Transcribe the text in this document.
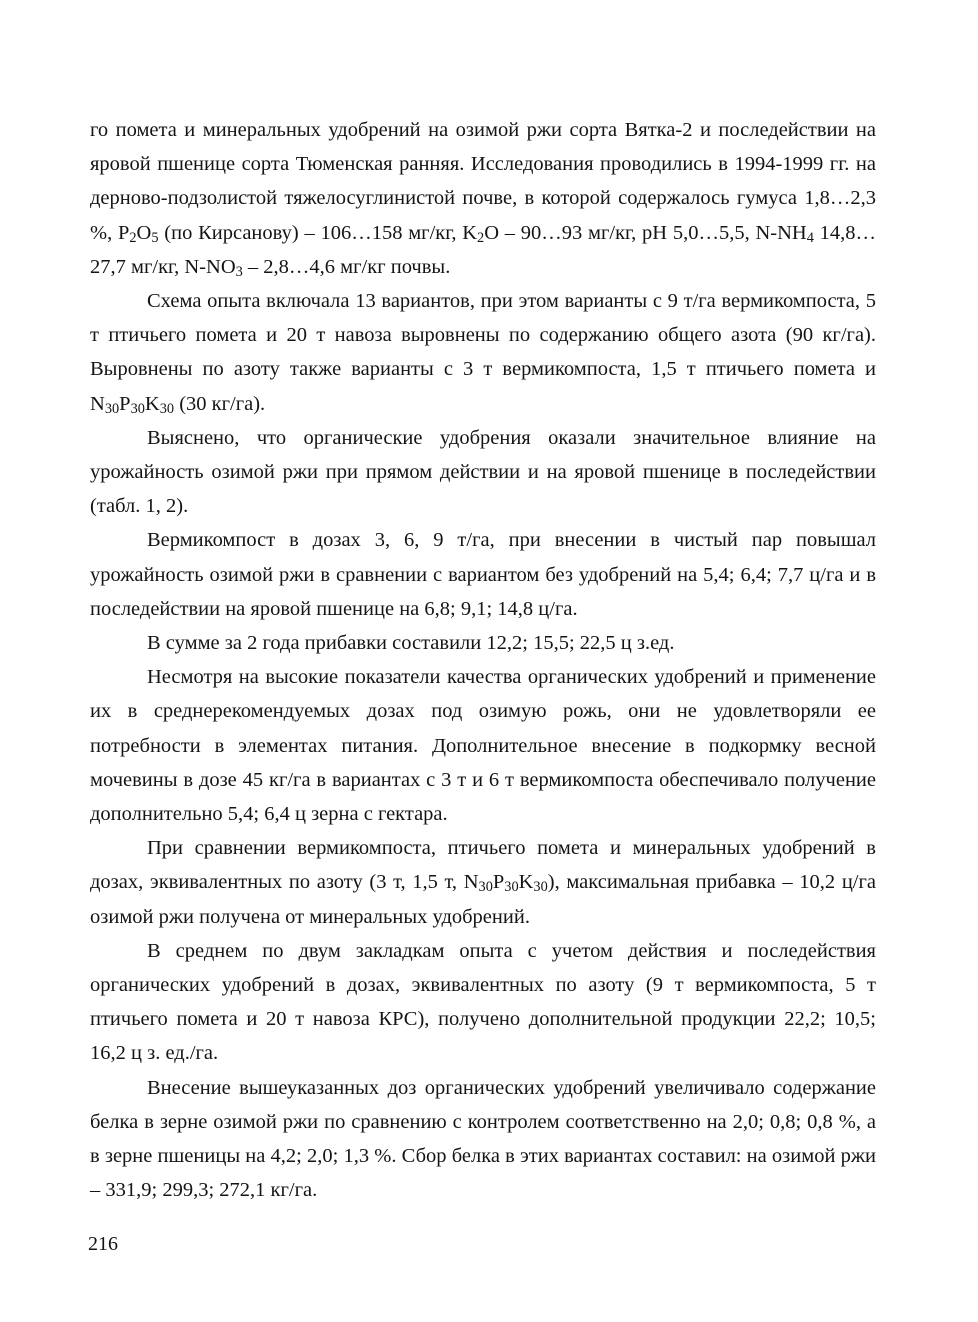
го помета и минеральных удобрений на озимой ржи сорта Вятка-2 и последействии на яровой пшенице сорта Тюменская ранняя. Исследования проводились в 1994-1999 гг. на дерново-подзолистой тяжелосуглинистой почве, в которой содержалось гумуса 1,8…2,3 %, $P_2O_5$ (по Кирсанову) – 106…158 мг/кг, $K_2O$ – 90…93 мг/кг, pH 5,0…5,5, $N-NH_4$ 14,8…27,7 мг/кг, $N-NO_3$ – 2,8…4,6 мг/кг почвы.

Схема опыта включала 13 вариантов, при этом варианты с 9 т/га вермикомпоста, 5 т птичьего помета и 20 т навоза выровнены по содержанию общего азота (90 кг/га). Выровнены по азоту также варианты с 3 т вермикомпоста, 1,5 т птичьего помета и $N_{30}P_{30}K_{30}$ (30 кг/га).

Выяснено, что органические удобрения оказали значительное влияние на урожайность озимой ржи при прямом действии и на яровой пшенице в последействии (табл. 1, 2).

Вермикомпост в дозах 3, 6, 9 т/га, при внесении в чистый пар повышал урожайность озимой ржи в сравнении с вариантом без удобрений на 5,4; 6,4; 7,7 ц/га и в последействии на яровой пшенице на 6,8; 9,1; 14,8 ц/га.

В сумме за 2 года прибавки составили 12,2; 15,5; 22,5 ц з.ед.

Несмотря на высокие показатели качества органических удобрений и применение их в среднерекомендуемых дозах под озимую рожь, они не удовлетворяли ее потребности в элементах питания. Дополнительное внесение в подкормку весной мочевины в дозе 45 кг/га в вариантах с 3 т и 6 т вермикомпоста обеспечивало получение дополнительно 5,4; 6,4 ц зерна с гектара.

При сравнении вермикомпоста, птичьего помета и минеральных удобрений в дозах, эквивалентных по азоту (3 т, 1,5 т, $N_{30}P_{30}K_{30}$), максимальная прибавка – 10,2 ц/га озимой ржи получена от минеральных удобрений.

В среднем по двум закладкам опыта с учетом действия и последействия органических удобрений в дозах, эквивалентных по азоту (9 т вермикомпоста, 5 т птичьего помета и 20 т навоза КРС), получено дополнительной продукции 22,2; 10,5; 16,2 ц з. ед./га.

Внесение вышеуказанных доз органических удобрений увеличивало содержание белка в зерне озимой ржи по сравнению с контролем соответственно на 2,0; 0,8; 0,8 %, а в зерне пшеницы на 4,2; 2,0; 1,3 %. Сбор белка в этих вариантах составил: на озимой ржи – 331,9; 299,3; 272,1 кг/га.

216
